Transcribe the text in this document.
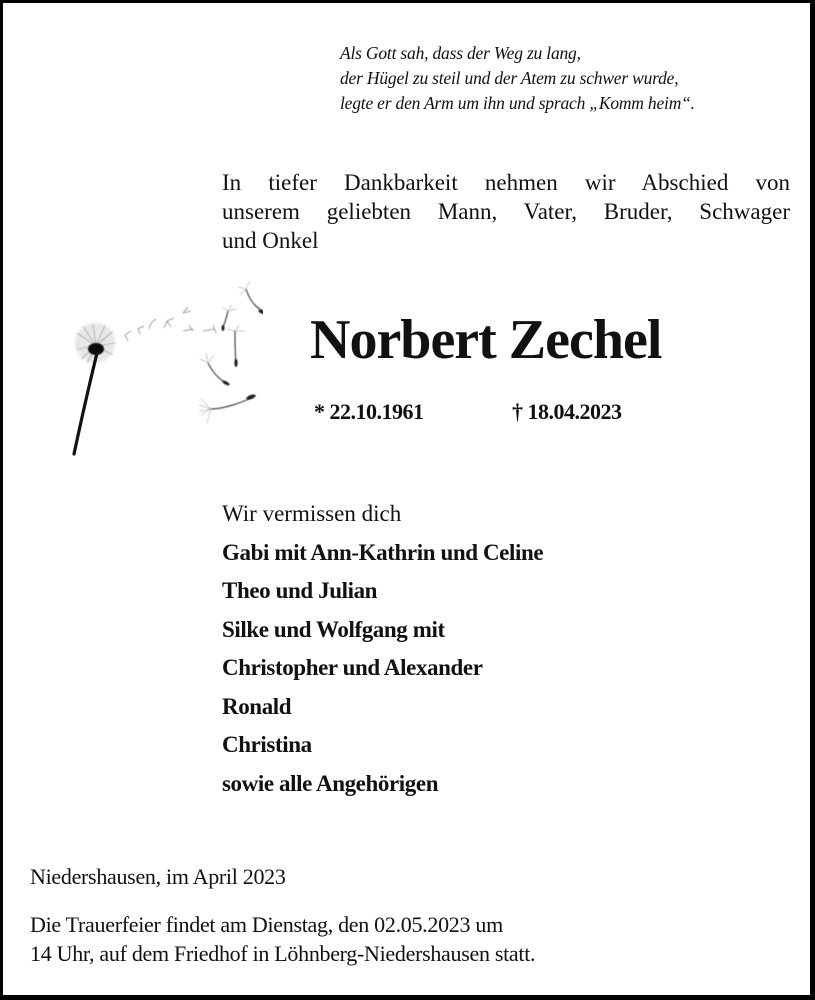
Als Gott sah, dass der Weg zu lang,
der Hügel zu steil und der Atem zu schwer wurde,
legte er den Arm um ihn und sprach „Komm heim“.
In tiefer Dankbarkeit nehmen wir Abschied von
unserem geliebten Mann, Vater, Bruder, Schwager
und Onkel
Norbert Zechel
* 22.10.1961	† 18.04.2023
Wir vermissen dich
Gabi mit Ann-Kathrin und Celine
Theo und Julian
Silke und Wolfgang mit
Christopher und Alexander
Ronald
Christina
sowie alle Angehörigen
Niedershausen, im April 2023
Die Trauerfeier findet am Dienstag, den 02.05.2023 um
14 Uhr, auf dem Friedhof in Löhnberg-Niedershausen statt.
